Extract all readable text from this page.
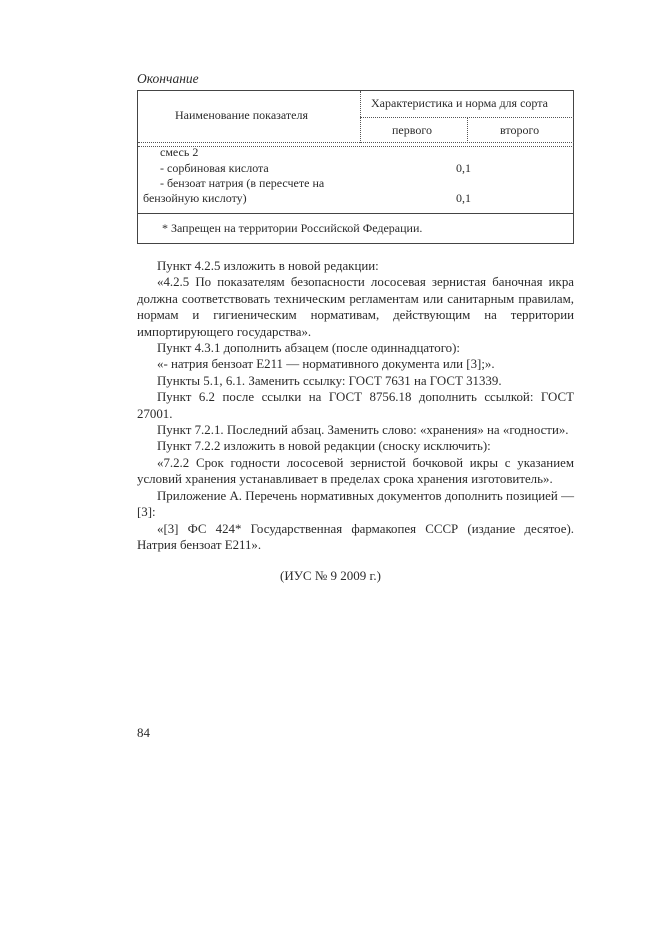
Окончание
Наименование показателя
Характеристика и норма для сорта
первого	второго
смесь 2
- сорбиновая кислота	0,1
- бензоат натрия (в пересчете на
бензойную кислоту)	0,1
* Запрещен на территории Российской Федерации.

Пункт 4.2.5 изложить в новой редакции:

«4.2.5 По показателям безопасности лососевая зернистая баночная икра должна соответствовать техническим регламентам или санитарным правилам, нормам и гигиеническим нормативам, действующим на территории импортирующего государства».

Пункт 4.3.1 дополнить абзацем (после одиннадцатого):

«- натрия бензоат Е211 — нормативного документа или [3];».

Пункты 5.1, 6.1. Заменить ссылку: ГОСТ 7631 на ГОСТ 31339.

Пункт 6.2 после ссылки на ГОСТ 8756.18 дополнить ссылкой: ГОСТ 27001.

Пункт 7.2.1. Последний абзац. Заменить слово: «хранения» на «годности».

Пункт 7.2.2 изложить в новой редакции (сноску исключить):

«7.2.2 Срок годности лососевой зернистой бочковой икры с указанием условий хранения устанавливает в пределах срока хранения изготовитель».

Приложение А. Перечень нормативных документов дополнить позицией — [3]:

«[3] ФС 424* Государственная фармакопея СССР (издание десятое). Натрия бензоат Е211».

(ИУС № 9 2009 г.)
84
